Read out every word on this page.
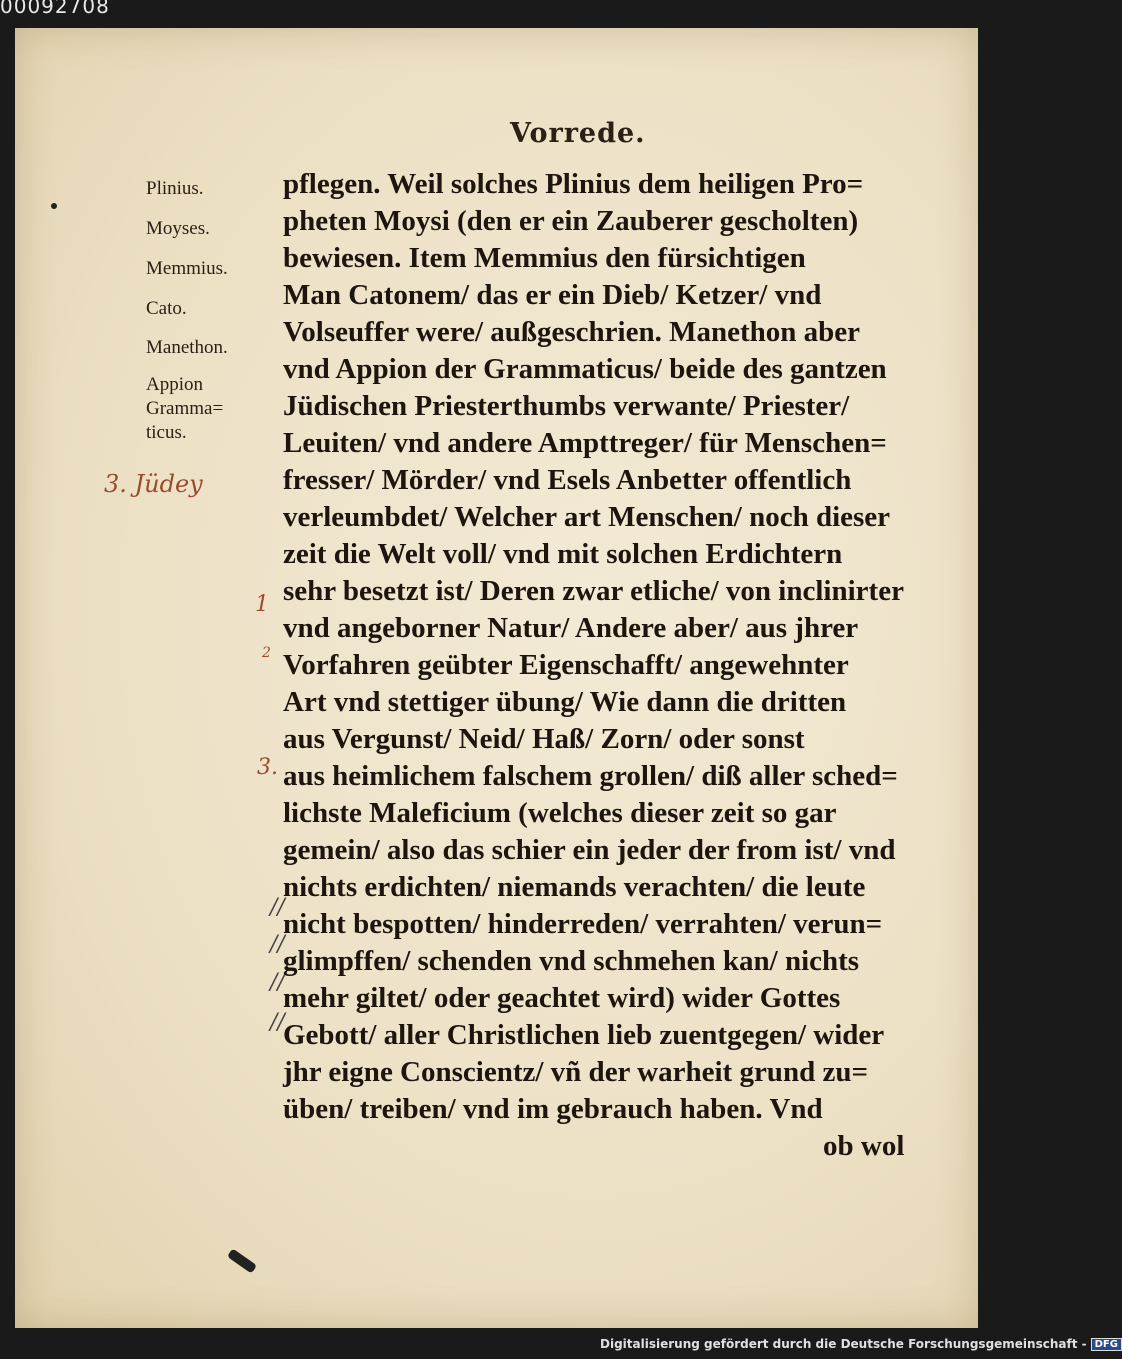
00092708
Vorrede.
Plinius.
Moyses.
Memmius.
Cato.
Manethon.
Appion
Gramma=
ticus.
3. Jüdey
1
2
3.
//
//
//
//
pflegen. Weil solches Plinius dem heiligen Pro=
pheten Moysi (den er ein Zauberer gescholten)
bewiesen. Item Memmius den fürsichtigen
Man Catonem/ das er ein Dieb/ Ketzer/ vnd
Volseuffer were/ außgeschrien. Manethon aber
vnd Appion der Grammaticus/ beide des gantzen
Jüdischen Priesterthumbs verwante/ Priester/
Leuiten/ vnd andere Ampttreger/ für Menschen=
fresser/ Mörder/ vnd Esels Anbetter offentlich
verleumbdet/ Welcher art Menschen/ noch dieser
zeit die Welt voll/ vnd mit solchen Erdichtern
sehr besetzt ist/ Deren zwar etliche/ von inclinirter
vnd angeborner Natur/ Andere aber/ aus jhrer
Vorfahren geübter Eigenschafft/ angewehnter
Art vnd stettiger übung/ Wie dann die dritten
aus Vergunst/ Neid/ Haß/ Zorn/ oder sonst
aus heimlichem falschem grollen/ diß aller sched=
lichste Maleficium (welches dieser zeit so gar
gemein/ also das schier ein jeder der from ist/ vnd
nichts erdichten/ niemands verachten/ die leute
nicht bespotten/ hinderreden/ verrahten/ verun=
glimpffen/ schenden vnd schmehen kan/ nichts
mehr giltet/ oder geachtet wird) wider Gottes
Gebott/ aller Christlichen lieb zuentgegen/ wider
jhr eigne Conscientz/ vñ der warheit grund zu=
üben/ treiben/ vnd im gebrauch haben. Vnd
ob wol
Digitalisierung gefördert durch die Deutsche Forschungsgemeinschaft - DFG
